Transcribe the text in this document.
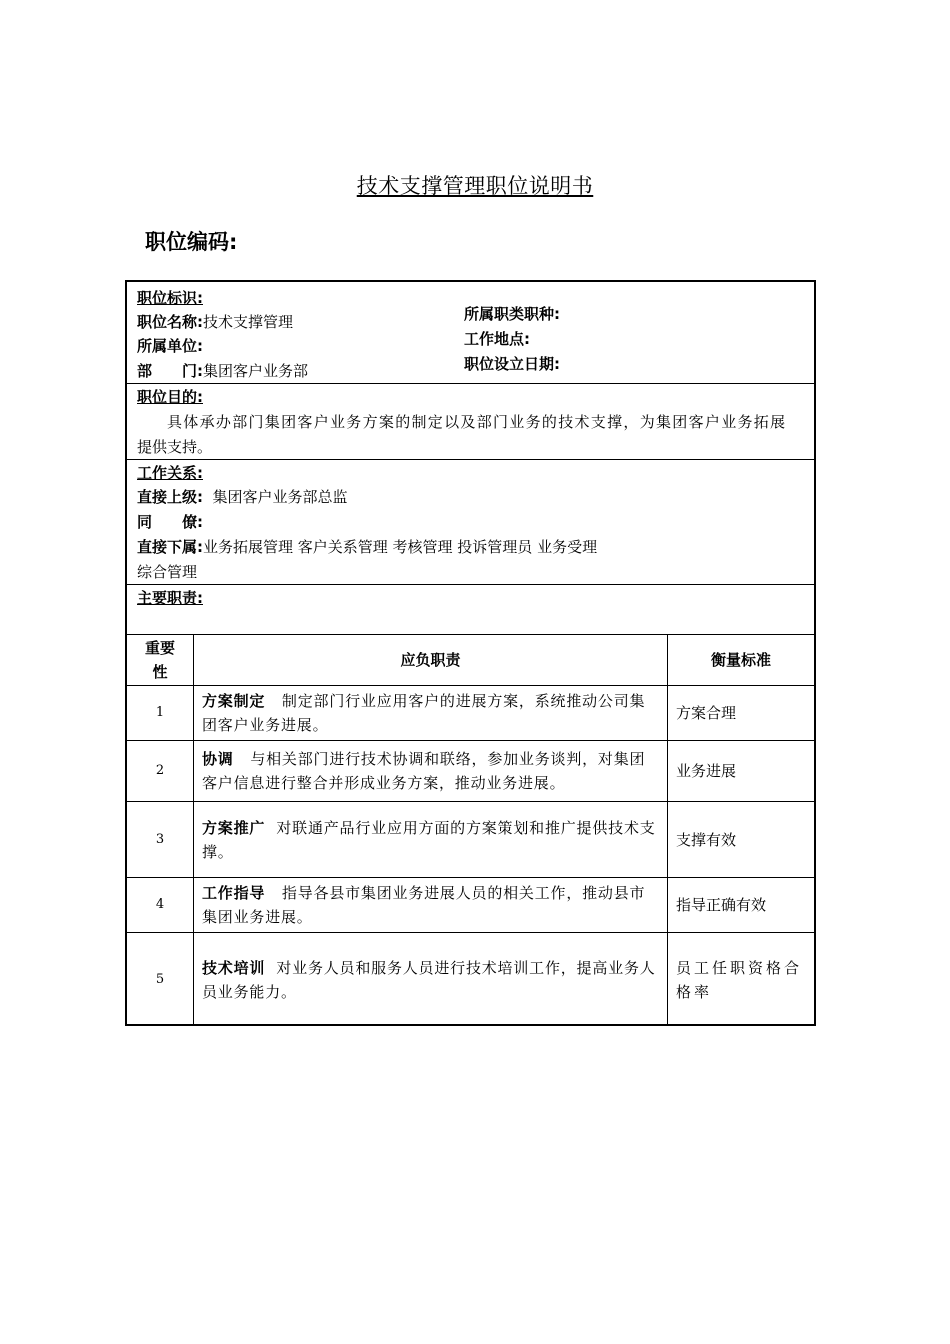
技术支撑管理职位说明书
职位编码:
职位标识:
职位名称:技术支撑管理
所属单位:
部　　门:集团客户业务部
所属职类职种:
工作地点:
职位设立日期:
职位目的:
具体承办部门集团客户业务方案的制定以及部门业务的技术支撑，为集团客户业务拓展
提供支持。
工作关系:
直接上级: 集团客户业务部总监
同　　僚:
直接下属:业务拓展管理 客户关系管理 考核管理 投诉管理员 业务受理
综合管理
主要职责:
重要性
应负职责	衡量标准
1
方案制定 制定部门行业应用客户的进展方案，系统推动公司集团客户业务进展。
方案合理
2
协调 与相关部门进行技术协调和联络，参加业务谈判，对集团客户信息进行整合并形成业务方案，推动业务进展。
业务进展
3
方案推广 对联通产品行业应用方面的方案策划和推广提供技术支撑。
支撑有效
4
工作指导 指导各县市集团业务进展人员的相关工作，推动县市集团业务进展。
指导正确有效
5
技术培训 对业务人员和服务人员进行技术培训工作，提高业务人员业务能力。
员工任职资格合格率
